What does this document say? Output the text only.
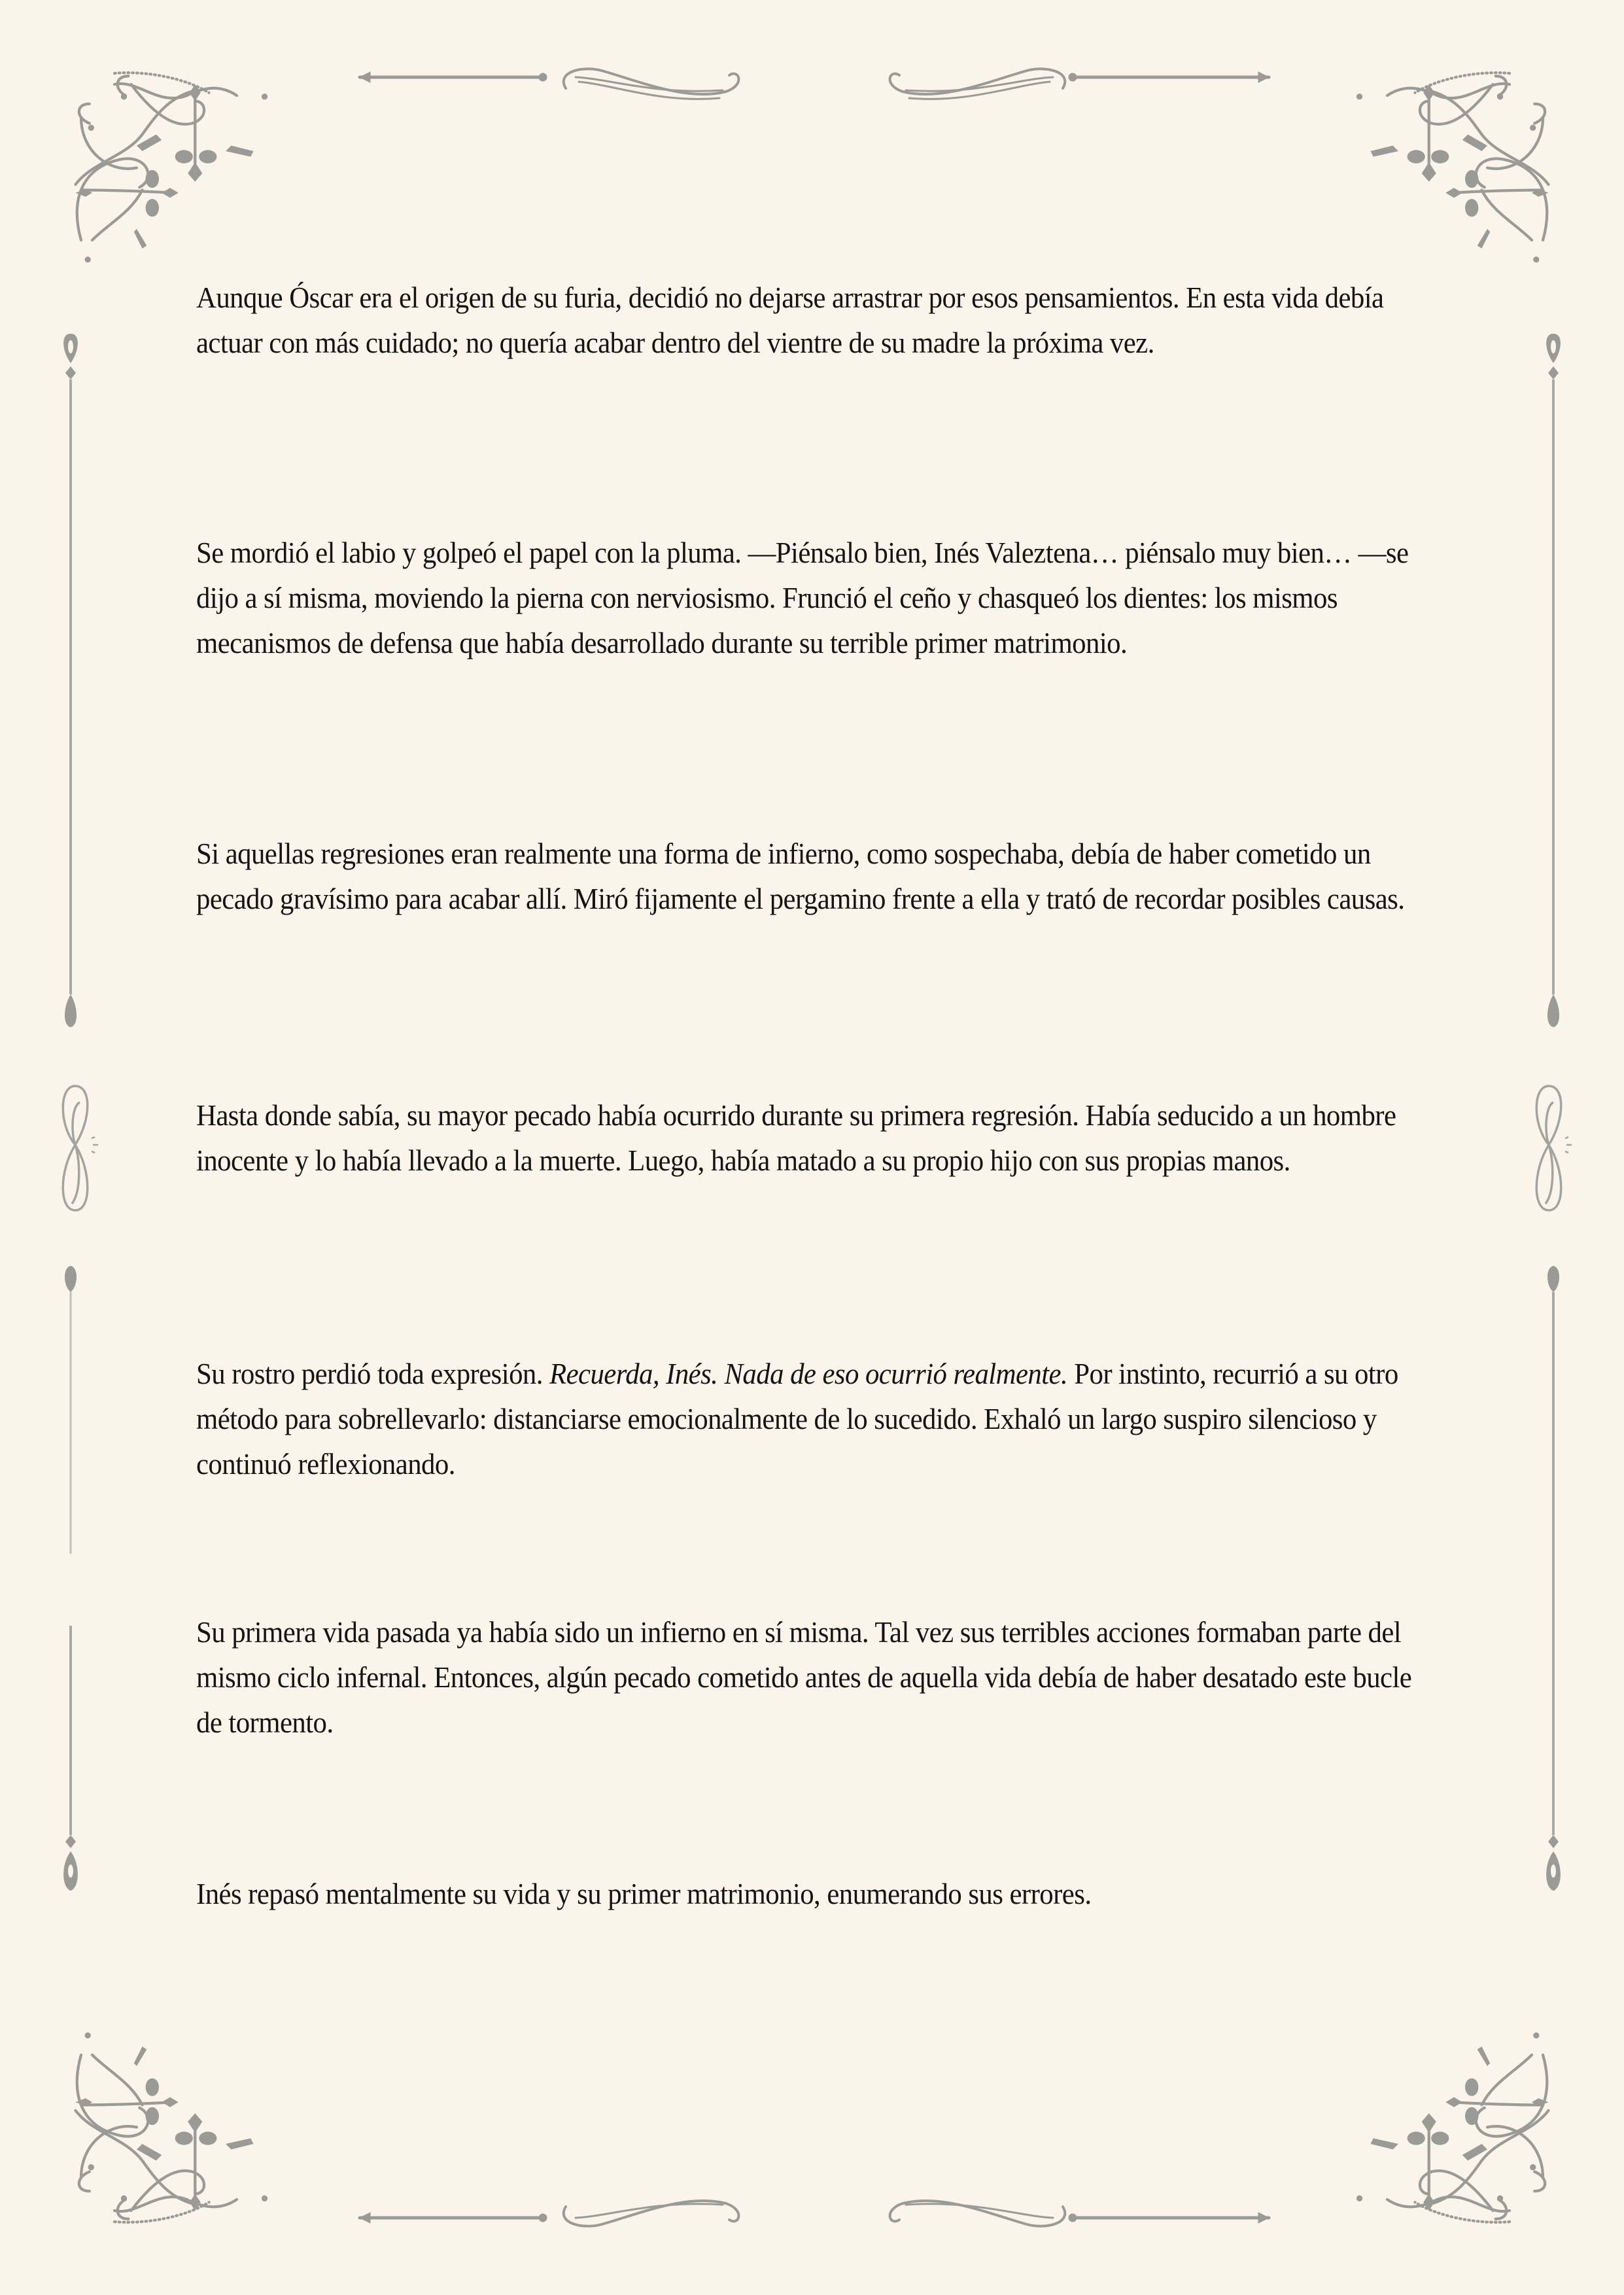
Aunque Óscar era el origen de su furia, decidió no dejarse arrastrar por esos pensamientos. En esta vida debía actuar con más cuidado; no quería acabar dentro del vientre de su madre la próxima vez.

Se mordió el labio y golpeó el papel con la pluma. —Piénsalo bien, Inés Valeztena… piénsalo muy bien… —se dijo a sí misma, moviendo la pierna con nerviosismo. Frunció el ceño y chasqueó los dientes: los mismos mecanismos de defensa que había desarrollado durante su terrible primer matrimonio.

Si aquellas regresiones eran realmente una forma de infierno, como sospechaba, debía de haber cometido un pecado gravísimo para acabar allí. Miró fijamente el pergamino frente a ella y trató de recordar posibles causas.

Hasta donde sabía, su mayor pecado había ocurrido durante su primera regresión. Había seducido a un hombre inocente y lo había llevado a la muerte. Luego, había matado a su propio hijo con sus propias manos.

Su rostro perdió toda expresión. Recuerda, Inés. Nada de eso ocurrió realmente. Por instinto, recurrió a su otro método para sobrellevarlo: distanciarse emocionalmente de lo sucedido. Exhaló un largo suspiro silencioso y continuó reflexionando.

Su primera vida pasada ya había sido un infierno en sí misma. Tal vez sus terribles acciones formaban parte del mismo ciclo infernal. Entonces, algún pecado cometido antes de aquella vida debía de haber desatado este bucle de tormento.

Inés repasó mentalmente su vida y su primer matrimonio, enumerando sus errores.
